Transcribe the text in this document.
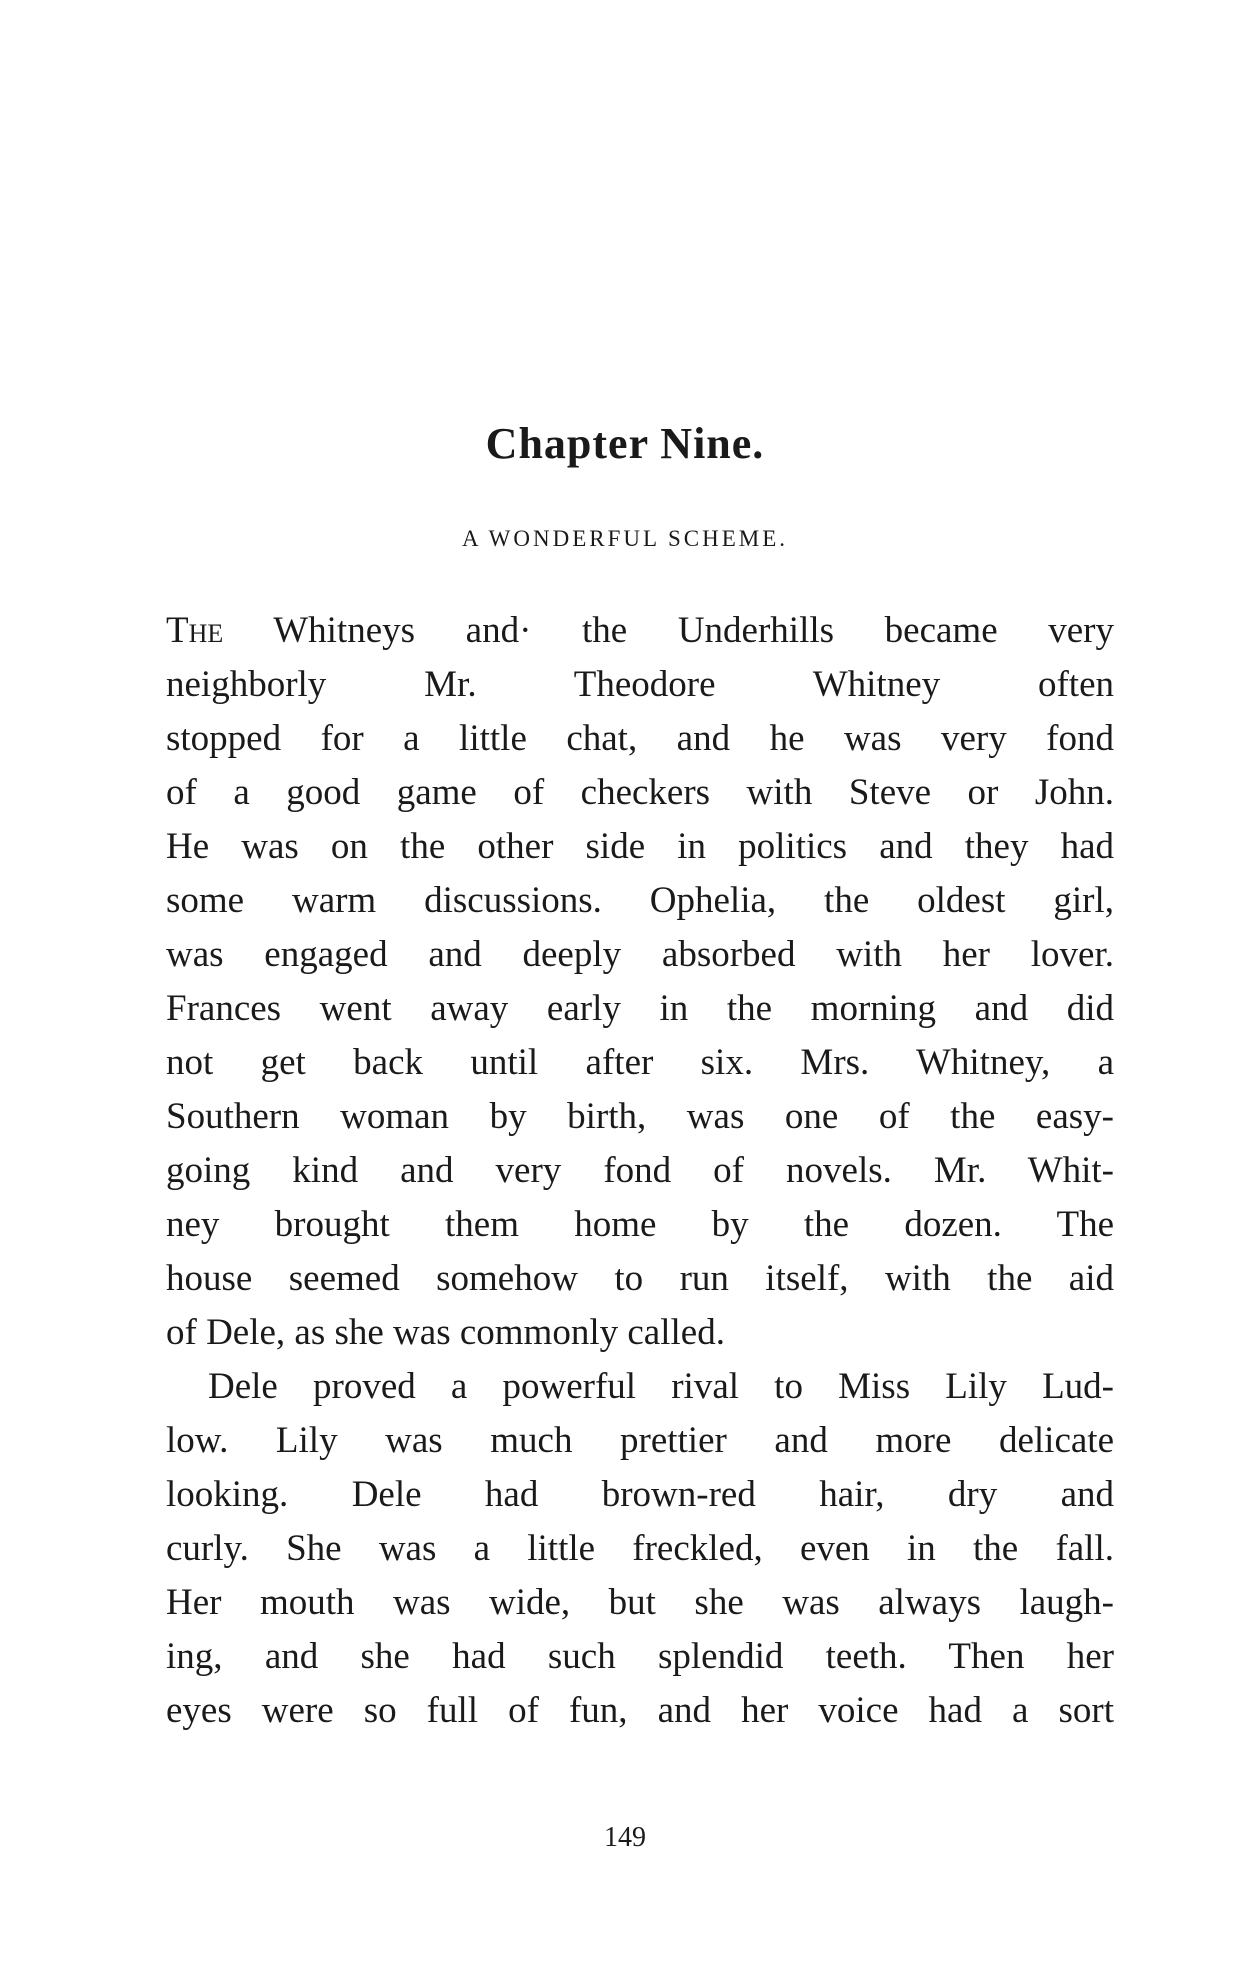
Chapter Nine.
A WONDERFUL SCHEME.
The Whitneys and· the Underhills became very
neighborly Mr. Theodore Whitney often
stopped for a little chat, and he was very fond
of a good game of checkers with Steve or John.
He was on the other side in politics and they had
some warm discussions. Ophelia, the oldest girl,
was engaged and deeply absorbed with her lover.
Frances went away early in the morning and did
not get back until after six. Mrs. Whitney, a
Southern woman by birth, was one of the easy-
going kind and very fond of novels. Mr. Whit-
ney brought them home by the dozen. The
house seemed somehow to run itself, with the aid
of Dele, as she was commonly called.
Dele proved a powerful rival to Miss Lily Lud-
low. Lily was much prettier and more delicate
looking. Dele had brown-red hair, dry and
curly. She was a little freckled, even in the fall.
Her mouth was wide, but she was always laugh-
ing, and she had such splendid teeth. Then her
eyes were so full of fun, and her voice had a sort
149
